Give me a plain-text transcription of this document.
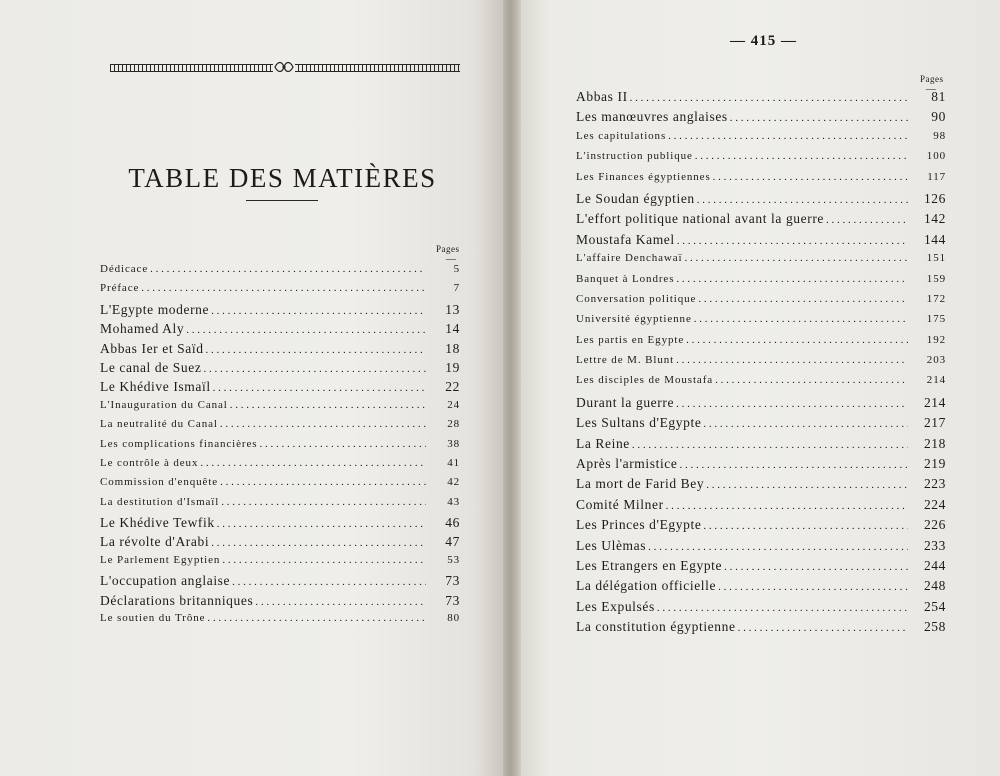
TABLE DES MATIÈRES
Pages
—
— 415 —
Pages
—
Dédicace . . .	5
Préface . . .	7
L'Egypte moderne . . .	13
Mohamed Aly . . .	14
Abbas Ier et Saïd . . .	18
Le canal de Suez . . .	19
Le Khédive Ismaïl . . .	22
L'Inauguration du Canal . . .	24
La neutralité du Canal . . .	28
Les complications financières . . .	38
Le contrôle à deux . . .	41
Commission d'enquête . . .	42
La destitution d'Ismaïl . . .	43
Le Khédive Tewfik . . .	46
La révolte d'Arabi . . .	47
Le Parlement Egyptien . . .	53
L'occupation anglaise . . .	73
Déclarations britanniques . . .	73
Le soutien du Trône . . .	80
Abbas II . . .	81
Les manœuvres anglaises . . .	90
Les capitulations . . .	98
L'instruction publique . . .	100
Les Finances égyptiennes . . .	117
Le Soudan égyptien . . .	126
L'effort politique national avant la guerre . . .	142
Moustafa Kamel . . .	144
L'affaire Denchawaï . . .	151
Banquet à Londres . . .	159
Conversation politique . . .	172
Université égyptienne . . .	175
Les partis en Egypte . . .	192
Lettre de M. Blunt . . .	203
Les disciples de Moustafa . . .	214
Durant la guerre . . .	214
Les Sultans d'Egypte . . .	217
La Reine . . .	218
Après l'armistice . . .	219
La mort de Farid Bey . . .	223
Comité Milner . . .	224
Les Princes d'Egypte . . .	226
Les Ulèmas . . .	233
Les Etrangers en Egypte . . .	244
La délégation officielle . . .	248
Les Expulsés . . .	254
La constitution égyptienne . . .	258
